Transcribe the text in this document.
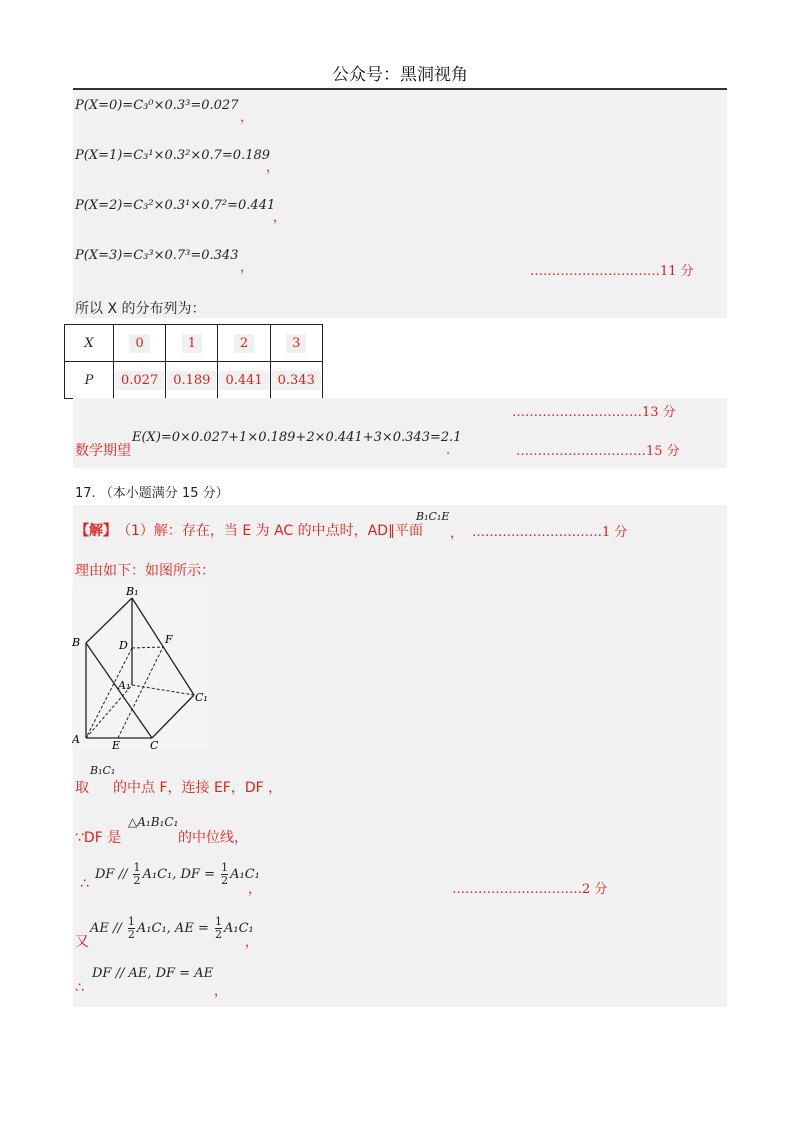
公众号：黑洞视角
P(X=0)=C₃⁰×0.3³=0.027
，
P(X=1)=C₃¹×0.3²×0.7=0.189
，
P(X=2)=C₃²×0.3¹×0.7²=0.441
，
P(X=3)=C₃³×0.7³=0.343
，	…………………………11 分
所以 X 的分布列为：
X	0	1	2	3
P	0.027	0.189	0.441	0.343
…………………………13 分
数学期望
E(X)=0×0.027+1×0.189+2×0.441+3×0.343=2.1
.	…………………………15 分
17. （本小题满分 15 分）
【解】 （1）解：存在，当 E 为 AC 的中点时，AD∥平面
B₁C₁E
， …………………………1 分
理由如下：如图所示：
B₁
B	D	F
A₁
C₁
A	E	C
取
B₁C₁
的中点 F，连接 EF，DF ，
∵DF 是
△A₁B₁C₁
的中位线，
∴
DF // $\frac{1}{2} A_1C_1$, DF = $\frac{1}{2} A_1C_1$
，	…………………………2 分
又
AE // $\frac{1}{2} A_1C_1$, AE = $\frac{1}{2} A_1C_1$
，
∴
DF // AE, DF = AE
，
